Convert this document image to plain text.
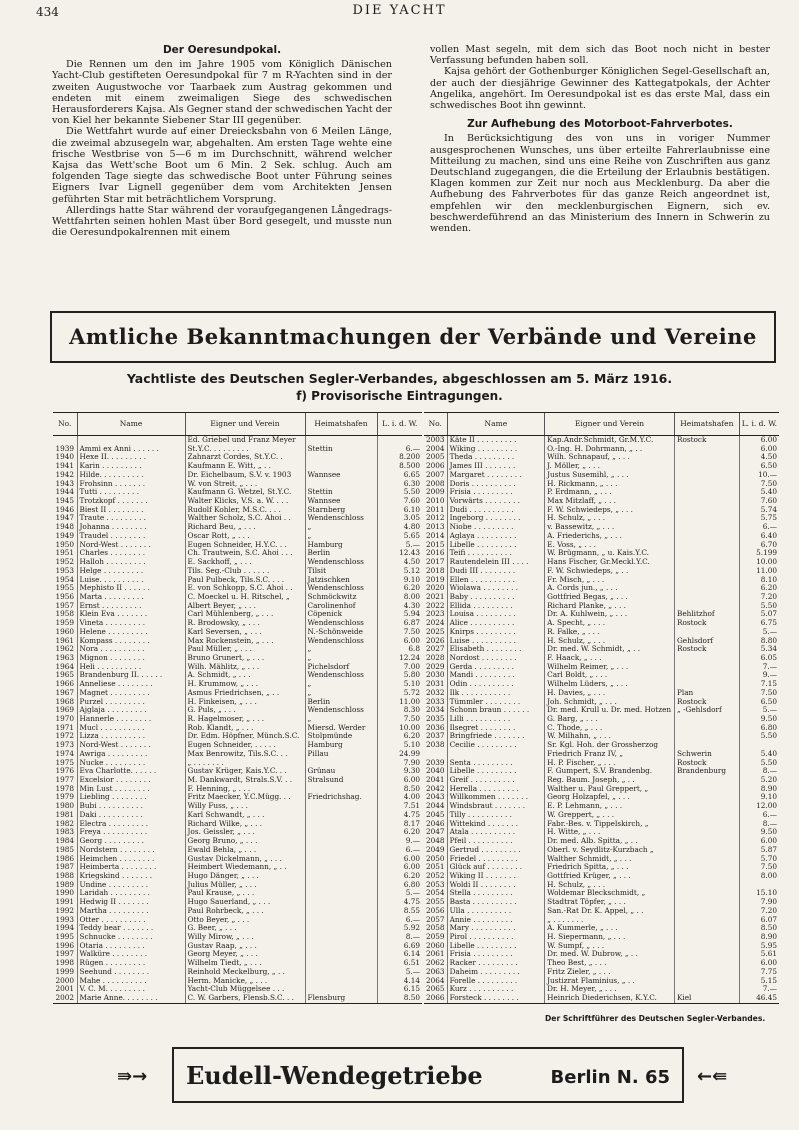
434	DIE YACHT
Der Oeresundpokal.

Die Rennen um den im Jahre 1905 vom Königlich Dänischen Yacht-Club gestifteten Oeresundpokal für 7 m R-Yachten sind in der zweiten Augustwoche vor Taarbaek zum Austrag gekommen und endeten mit einem zweimaligen Siege des schwedischen Herausforderers Kajsa. Als Gegner stand der schwedischen Yacht der von Kiel her bekannte Siebener Star III gegenüber.

Die Wettfahrt wurde auf einer Dreiecksbahn von 6 Meilen Länge, die zweimal abzusegeln war, abgehalten. Am ersten Tage wehte eine frische Westbrise von 5—6 m im Durchschnitt, während welcher Kajsa das Wett'sche Boot um 6 Min. 2 Sek. schlug. Auch am folgenden Tage siegte das schwedische Boot unter Führung seines Eigners Ivar Lignell gegenüber dem vom Architekten Jensen geführten Star mit beträchtlichem Vorsprung.

Allerdings hatte Star während der voraufgegangenen Långedrags-Wettfahrten seinen hohlen Mast über Bord gesegelt, und musste nun die Oeresundpokalrennen mit einem

vollen Mast segeln, mit dem sich das Boot noch nicht in bester Verfassung befunden haben soll.

Kajsa gehört der Gothenburger Königlichen Segel-Gesellschaft an, der auch der diesjährige Gewinner des Kattegatpokals, der Achter Angelika, angehört. Im Oeresundpokal ist es das erste Mal, dass ein schwedisches Boot ihn gewinnt.

Zur Aufhebung des Motorboot-Fahrverbotes.

In Berücksichtigung des von uns in voriger Nummer ausgesprochenen Wunsches, uns über erteilte Fahrerlaubnisse eine Mitteilung zu machen, sind uns eine Reihe von Zuschriften aus ganz Deutschland zugegangen, die die Erteilung der Erlaubnis bestätigen. Klagen kommen zur Zeit nur noch aus Mecklenburg. Da aber die Aufhebung des Fahrverbotes für das ganze Reich angeordnet ist, empfehlen wir den mecklenburgischen Eignern, sich ev. beschwerdeführend an das Ministerium des Innern in Schwerin zu wenden.

Amtliche Bekanntmachungen der Verbände und Vereine
Yachtliste des Deutschen Segler-Verbandes, abgeschlossen am 5. März 1916.
f) Provisorische Eintragungen.
No.	Name	Eigner und Verein	Heimatshafen	L. i. d. W.
		Ed. Griebel und Franz Meyer		
1939	Ammi ex Anni . . . . . .	St.Y.C. . . . . . . . .	Stettin	6.—
1940	Hexe II. . . . . . . . .	Zahnarzt Cordes, St.Y.C. .		8.200
1941	Karin . . . . . . . . .	Kaufmann E. Witt, „ . .		8.500
1942	Hilde. . . . . . . . . .	Dr. Eichelbaum, S.V. v. 1903	Wannsee	6.65
1943	Frohsinn . . . . . . .	W. von Streit, „ . . .		6.30
1944	Tutti . . . . . . . . .	Kaufmann G. Wetzel, St.Y.C.	Stettin	5.50
1945	Trotzkopf . . . . . . .	Walter Klicks, V.S. a. W. . . .	Wannsee	7.60
1946	Biest II . . . . . . . .	Rudolf Kohler, M.S.C. . . .	Starnberg	6.10
1947	Traute . . . . . . . . .	Walther Scholz, S.C. Ahoi . .	Wendenschloss	3.05
1948	Johanna . . . . . . . .	Richard Beu, „ . . .	„	4.80
1949	Traudel . . . . . . . .	Oscar Rott, „ . . .	„	5.65
1950	Nord-West . . . . . . .	Eugen Schneider, H.Y.C. . .	Hamburg	5.—
1951	Charles . . . . . . . .	Ch. Trautwein, S.C. Ahoi . . .	Berlin	12.43
1952	Halloh . . . . . . . . .	E. Sackhoff, „ . . .	Wendenschloss	4.50
1953	Helge . . . . . . . . .	Tils. Seg.-Club . . . . . .	Tilsit	5.12
1954	Luise. . . . . . . . . .	Paul Pulbeck, Tils.S.C. . . .	Jatzischken	9.10
1955	Mephisto II . . . . . .	E. von Schkopp, S.C. Ahoi . .	Wendenschloss	6.20
1956	Marta . . . . . . . . .	C. Moeckel u. H. Ritschel, „	Schmöckwitz	8.00
1957	Ernst . . . . . . . . .	Albert Beyer, „ . . .	Carolinenhof	4.30
1958	Klein Eva . . . . . . .	Carl Mühlenberg, „ . . .	Cöpenick	5.94
1959	Vineta . . . . . . . . .	R. Brodowsky, „ . . .	Wendenschloss	6.87
1960	Helene . . . . . . . . .	Karl Seversen, „ . . .	N.-Schönweide	7.50
1961	Kompass . . . . . . . .	Max Rockenstein, „ . . .	Wendenschloss	6.00
1962	Nora . . . . . . . . . .	Paul Müller, „ . . .	„	6.8
1963	Mignon . . . . . . . .	Bruno Grunert, „ . . .	„	12.24
1964	Heli . . . . . . . . . .	Wilh. Mählitz, „ . . .	Pichelsdorf	7.00
1965	Brandenburg II. . . . . .	A. Schmidt, „ . . .	Wendenschloss	5.80
1966	Anneliese . . . . . . . .	H. Krummow, „ . . .	„	5.10
1967	Magnet . . . . . . . . .	Asmus Friedrichsen, „ . .	„	5.72
1968	Purzel . . . . . . . . .	H. Finkeisen, „ . . .	Berlin	11.00
1969	Ajglaja . . . . . . . . .	G. Puls, „ . . .	Wendenschloss	8.30
1970	Hannerle . . . . . . . .	R. Hagelmoser, „ . . .	„	7.50
1971	Mucl . . . . . . . . . .	Rob. Klandt, „ . . .	Miersd. Werder	10.00
1972	Lizza . . . . . . . . . .	Dr. Edm. Höpfner, Münch.S.C.	Stolpmünde	6.20
1973	Nord-West . . . . . . .	Eugen Schneider, . . . . .	Hamburg	5.10
1974	Awriga . . . . . . . . .	Max Benrowitz, Tils.S.C. . .	Pillau	24.99
1975	Nucke . . . . . . . . .	„ . . . . . . .		7.90
1976	Eva Charlotte. . . . . .	Gustav Krüger, Kais.Y.C. . .	Grünau	9.30
1977	Excelsior . . . . . . . .	M. Dankwardt, Strals.S.V. . .	Stralsund	6.00
1978	Min Lust . . . . . . . .	F. Henning, „ . . .		8.50
1979	Liebling . . . . . . . .	Fritz Maecker, Y.C.Mügg. . .	Friedrichshag.	4.00
1980	Bubi . . . . . . . . . .	Willy Fuss, „ . . .		7.51
1981	Daki . . . . . . . . . .	Karl Schwandt, „ . . .		4.75
1982	Electra . . . . . . . . .	Richard Wilke, „ . . .		8.17
1983	Freya . . . . . . . . . .	Jos. Geissler, „ . . .		6.20
1984	Georg . . . . . . . . .	Georg Bruno, „ . . .		9.—
1985	Nordstern . . . . . . . .	Ewald Behla, „ . . .		6.—
1986	Heimchen . . . . . . . .	Gustav Dickelmann, „ . . .		6.00
1987	Heimberta . . . . . . . .	Heimbert Wiedemann, „ . .		6.00
1988	Kriegskind . . . . . . .	Hugo Dänger, „ . . .		6.20
1989	Undine . . . . . . . . .	Julius Müller, „ . . .		6.80
1990	Laridah . . . . . . . . .	Paul Krause, „ . . .		5.—
1991	Hedwig II . . . . . . .	Hugo Sauerland, „ . . .		4.75
1992	Martha . . . . . . . . .	Paul Rohrbeck, „ . . .		8.55
1993	Otter . . . . . . . . . .	Otto Beyer, „ . . .		6.—
1994	Teddy bear . . . . . . .	G. Beer, „ . . .		5.92
1995	Schnucke . . . . . . . .	Willy Mirow, „ . . .		8.—
1996	Otaria . . . . . . . . .	Gustav Raap, „ . . .		6.69
1997	Walküre . . . . . . . .	Georg Meyer, „ . . .		6.14
1998	Rügen . . . . . . . . .	Wilhelm Tiedt, „ . . .		6.51
1999	Seehund . . . . . . . .	Reinhold Meckelburg, „ . .		5.—
2000	Mahe . . . . . . . . . .	Herm. Manicke, „ . . .		4.14
2001	V. C. M. . . . . . . . .	Yacht-Club Müggelsee . . .		6.15
2002	Marie Anne. . . . . . . .	C. W. Garbers, Flensb.S.C. . .	Flensburg	8.50
No.	Name	Eigner und Verein	Heimatshafen	L. i. d. W.
2003	Käte II . . . . . . . . .	Kap.Andr.Schmidt, Gr.M.Y.C.	Rostock	6.00
2004	Wiking . . . . . . . . .	O.-Ing. H. Dohrmann, „ . .		6.00
2005	Theda . . . . . . . . .	Wilh. Schnapauf, „ . . .		4.50
2006	James III . . . . . . .	J. Möller, „ . . .		6.50
2007	Margaret . . . . . . . .	Justus Susemihl, „ . . .		10.—
2008	Doris . . . . . . . . . .	H. Rickmann, „ . . .		7.50
2009	Frisia . . . . . . . . .	P. Erdmann, „ . . .		5.40
2010	Vorwärts . . . . . . . .	Max Mitzlaff, „ . . .		7.60
2011	Dudi . . . . . . . . . .	F. W. Schwiedeps, „ . . .		5.74
2012	Ingeborg . . . . . . . .	H. Schulz, „ . . .		5.75
2013	Niobe . . . . . . . . .	v. Bassewitz, „ . . .		6.—
2014	Aglaya . . . . . . . . .	A. Friederichs, „ . . .		6.40
2015	Libelle . . . . . . . . .	E. Voss, „ . . .		6.70
2016	Teifi . . . . . . . . . .	W. Brügmann, „ u. Kais.Y.C.		5.199
2017	Rautendelein III . . . .	Hans Fischer, Gr.Meckl.Y.C.		10.00
2018	Dudi III . . . . . . . .	F. W. Schwiedeps, „ . .		11.00
2019	Ellen . . . . . . . . . .	Fr. Misch, „ . . .		8.10
2020	Wiolawa . . . . . . . .	A. Cords jun., „ . . .		6.20
2021	Baby . . . . . . . . . .	Gottfried Begas, „ . . .		7.20
2022	Ellida . . . . . . . . .	Richard Planke, „ . . .		5.50
2023	Louisa . . . . . . . . .	Dr. A. Kuhlwein, „ . . .	Behlitzhof	5.07
2024	Alice . . . . . . . . . .	A. Specht, „ . . .	Rostock	6.75
2025	Knirps . . . . . . . . .	R. Falke, „ . . .		5.—
2026	Luise . . . . . . . . . .	H. Schulz, „ . . .	Gehlsdorf	8.80
2027	Elisabeth . . . . . . . .	Dr. med. W. Schmidt, „ . .	Rostock	5.34
2028	Nordost . . . . . . . .	F. Haack, „ . . .		6.05
2029	Gerda . . . . . . . . .	Wilhelm Reimer, „ . . .		7.—
2030	Mandi . . . . . . . . .	Carl Boldt, „ . . .		9.—
2031	Odin . . . . . . . . . .	Wilhelm Lüders, „ . . .		7.15
2032	Ilk . . . . . . . . . . .	H. Davies, „ . . .	Plan	7.50
2033	Tümmler . . . . . . . .	Joh. Schmidt, „ . . .	Rostock	6.50
2034	Schonn braun . . . . . .	Dr. med. Krull u. Dr. med. Hotzen	„ -Gehlsdorf	5.—
2035	Lilli . . . . . . . . . .	G. Barg, „ . . .		9.50
2036	Ilsegret . . . . . . . .	C. Thode, „ . . .		6.80
2037	Bringfriede . . . . . . .	W. Milhahn, „ . . .		5.50
2038	Cecilie . . . . . . . . .	Sr. Kgl. Hoh. der Grossherzog		
		Friedrich Franz IV, „	Schwerin	5.40
2039	Senta . . . . . . . . .	H. P. Fischer, „ . . .	Rostock	5.50
2040	Libelle . . . . . . . . .	F. Gumpert, S.V. Brandenbg.	Brandenburg	8.—
2041	Greif . . . . . . . . . .	Reg. Baum. Joseph, „ . .		5.20
2042	Herella . . . . . . . . .	Walther u. Paul Greppert, „		8.90
2043	Willkommen . . . . . . .	Georg Holzapfel, „ . . .		9.10
2044	Windsbraut . . . . . . .	E. P. Lehmann, „ . . .		12.00
2045	Tilly . . . . . . . . . .	W. Greppert, „ . . .		6.—
2046	Wittekind . . . . . . .	Fabr.-Bes. v. Tippelskirch, „		8.—
2047	Atala . . . . . . . . . .	H. Witte, „ . . .		9.50
2048	Pfeil . . . . . . . . . .	Dr. med. Alb. Spitta, „ . .		6.00
2049	Gertrud . . . . . . . . .	Oberl. v. Seydlitz-Kurzbach „		5.87
2050	Friedel . . . . . . . . .	Walther Schmidt, „ . . .		5.70
2051	Glück auf . . . . . . . .	Friedrich Spitta, „ . . .		7.50
2052	Wiking II . . . . . . .	Gottfried Krüger, „ . . .		8.00
2053	Woldi II . . . . . . . .	H. Schulz, „ . . .		
2054	Stella . . . . . . . . .	Woldemar Bleckschmidt, „		15.10
2055	Basta . . . . . . . . . .	Stadtrat Töpfer, „ . . .		7.90
2056	Ulla . . . . . . . . . .	San.-Rat Dr. K. Appel, „ . .		7.20
2057	Annie . . . . . . . . .	„ . . . . . . .		6.07
2058	Mary . . . . . . . . . .	A. Kummerle, „ . . .		8.50
2059	Pirol . . . . . . . . . .	H. Siepermann, „ . . .		8.90
2060	Libelle . . . . . . . . .	W. Sumpf, „ . . .		5.95
2061	Frisia . . . . . . . . .	Dr. med. W. Dubrow, „ . .		5.61
2062	Racker . . . . . . . . .	Theo Best, „ . . .		6.00
2063	Daheim . . . . . . . . .	Fritz Zieler, „ . . .		7.75
2064	Forelle . . . . . . . . .	Justizrat Flaminius, „ . .		5.15
2065	Kurz . . . . . . . . . .	Dr. H. Meyer, „ . . .		7.—
2066	Forsteck . . . . . . . .	Heinrich Diederichsen, K.Y.C.	Kiel	46.45
Der Schriftführer des Deutschen Segler-Verbandes.
⇛→ Eudell-Wendegetriebe	Berlin N. 65 ←⇚
